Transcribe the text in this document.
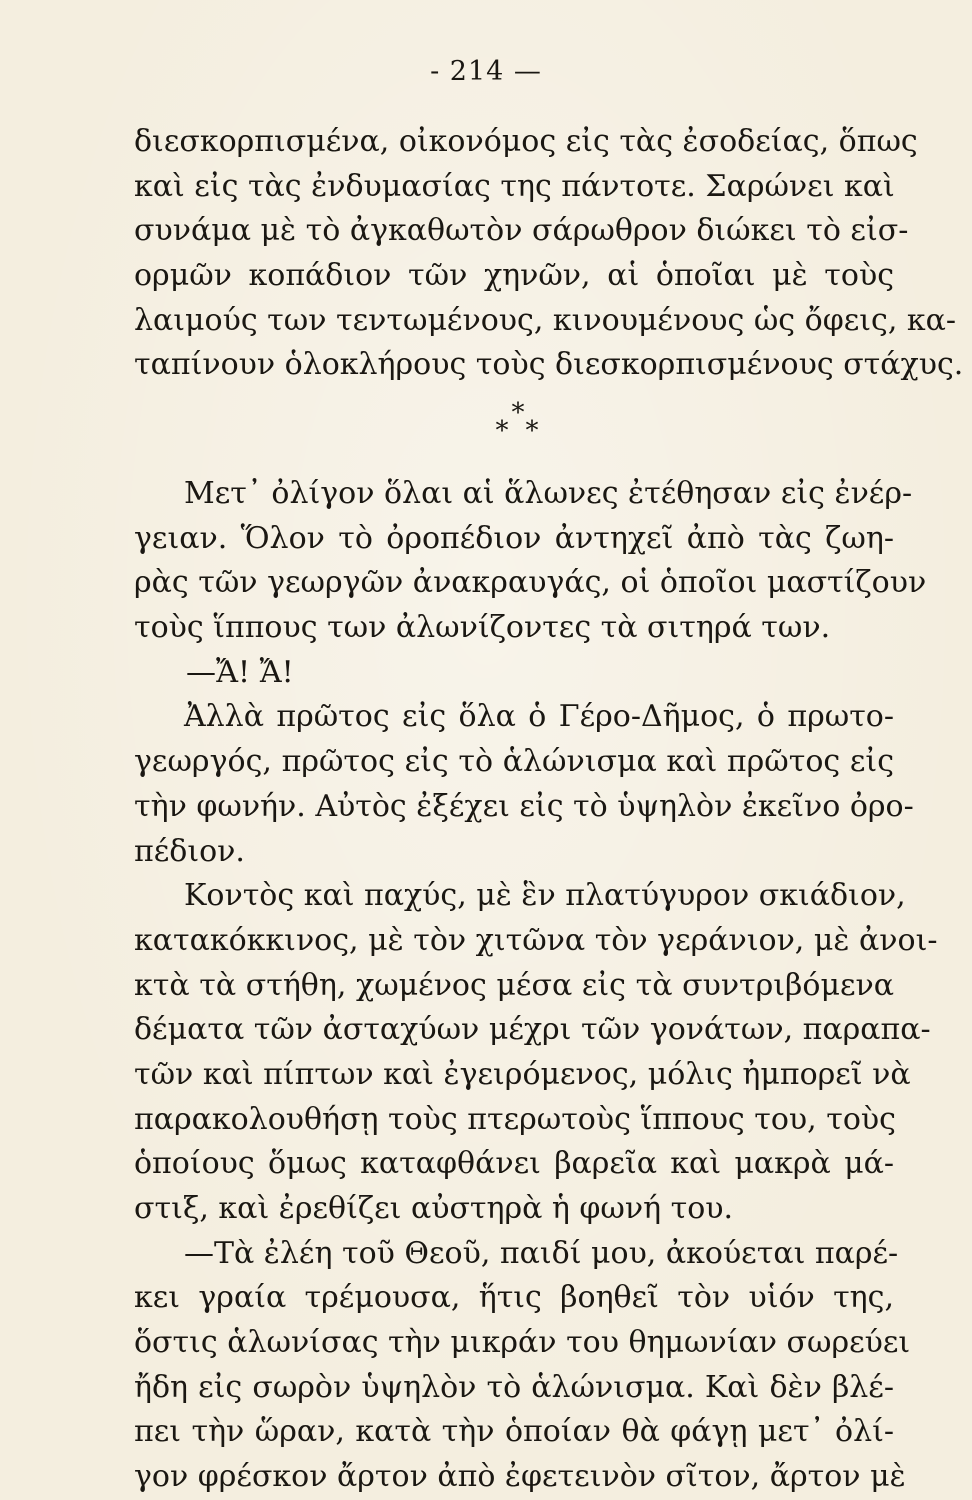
- 214 —
διεσκορπισμένα, οἰκονόμος εἰς τὰς ἐσοδείας, ὅπως
καὶ εἰς τὰς ἐνδυμασίας της πάντοτε. Σαρώνει καὶ
συνάμα μὲ τὸ ἀγκαθωτὸν σάρωθρον διώκει τὸ εἰσ-
ορμῶν κοπάδιον τῶν χηνῶν, αἱ ὁποῖαι μὲ τοὺς
λαιμούς των τεντωμένους, κινουμένους ὡς ὄφεις, κα-
ταπίνουν ὁλοκλήρους τοὺς διεσκορπισμένους στάχυς.
*
* *
Μετ᾽ ὀλίγον ὅλαι αἱ ἅλωνες ἐτέθησαν εἰς ἐνέρ-
γειαν. Ὅλον τὸ ὀροπέδιον ἀντηχεῖ ἀπὸ τὰς ζωη-
ρὰς τῶν γεωργῶν ἀνακραυγάς, οἱ ὁποῖοι μαστίζουν
τοὺς ἵππους των ἀλωνίζοντες τὰ σιτηρά των.
—Ἄ! Ἄ!
Ἀλλὰ πρῶτος εἰς ὅλα ὁ Γέρο-Δῆμος, ὁ πρωτο-
γεωργός, πρῶτος εἰς τὸ ἁλώνισμα καὶ πρῶτος εἰς
τὴν φωνήν. Αὐτὸς ἐξέχει εἰς τὸ ὑψηλὸν ἐκεῖνο ὀρο-
πέδιον.
Κοντὸς καὶ παχύς, μὲ ἓν πλατύγυρον σκιάδιον,
κατακόκκινος, μὲ τὸν χιτῶνα τὸν γεράνιον, μὲ ἀνοι-
κτὰ τὰ στήθη, χωμένος μέσα εἰς τὰ συντριβόμενα
δέματα τῶν ἀσταχύων μέχρι τῶν γονάτων, παραπα-
τῶν καὶ πίπτων καὶ ἐγειρόμενος, μόλις ἠμπορεῖ νὰ
παρακολουθήσῃ τοὺς πτερωτοὺς ἵππους του, τοὺς
ὁποίους ὅμως καταφθάνει βαρεῖα καὶ μακρὰ μά-
στιξ, καὶ ἐρεθίζει αὐστηρὰ ἡ φωνή του.
—Τὰ ἐλέη τοῦ Θεοῦ, παιδί μου, ἀκούεται παρέ-
κει γραία τρέμουσα, ἥτις βοηθεῖ τὸν υἱόν της,
ὅστις ἁλωνίσας τὴν μικράν του θημωνίαν σωρεύει
ἤδη εἰς σωρὸν ὑψηλὸν τὸ ἁλώνισμα. Καὶ δὲν βλέ-
πει τὴν ὥραν, κατὰ τὴν ὁποίαν θὰ φάγῃ μετ᾽ ὀλί-
γον φρέσκον ἄρτον ἀπὸ ἐφετεινὸν σῖτον, ἄρτον μὲ
